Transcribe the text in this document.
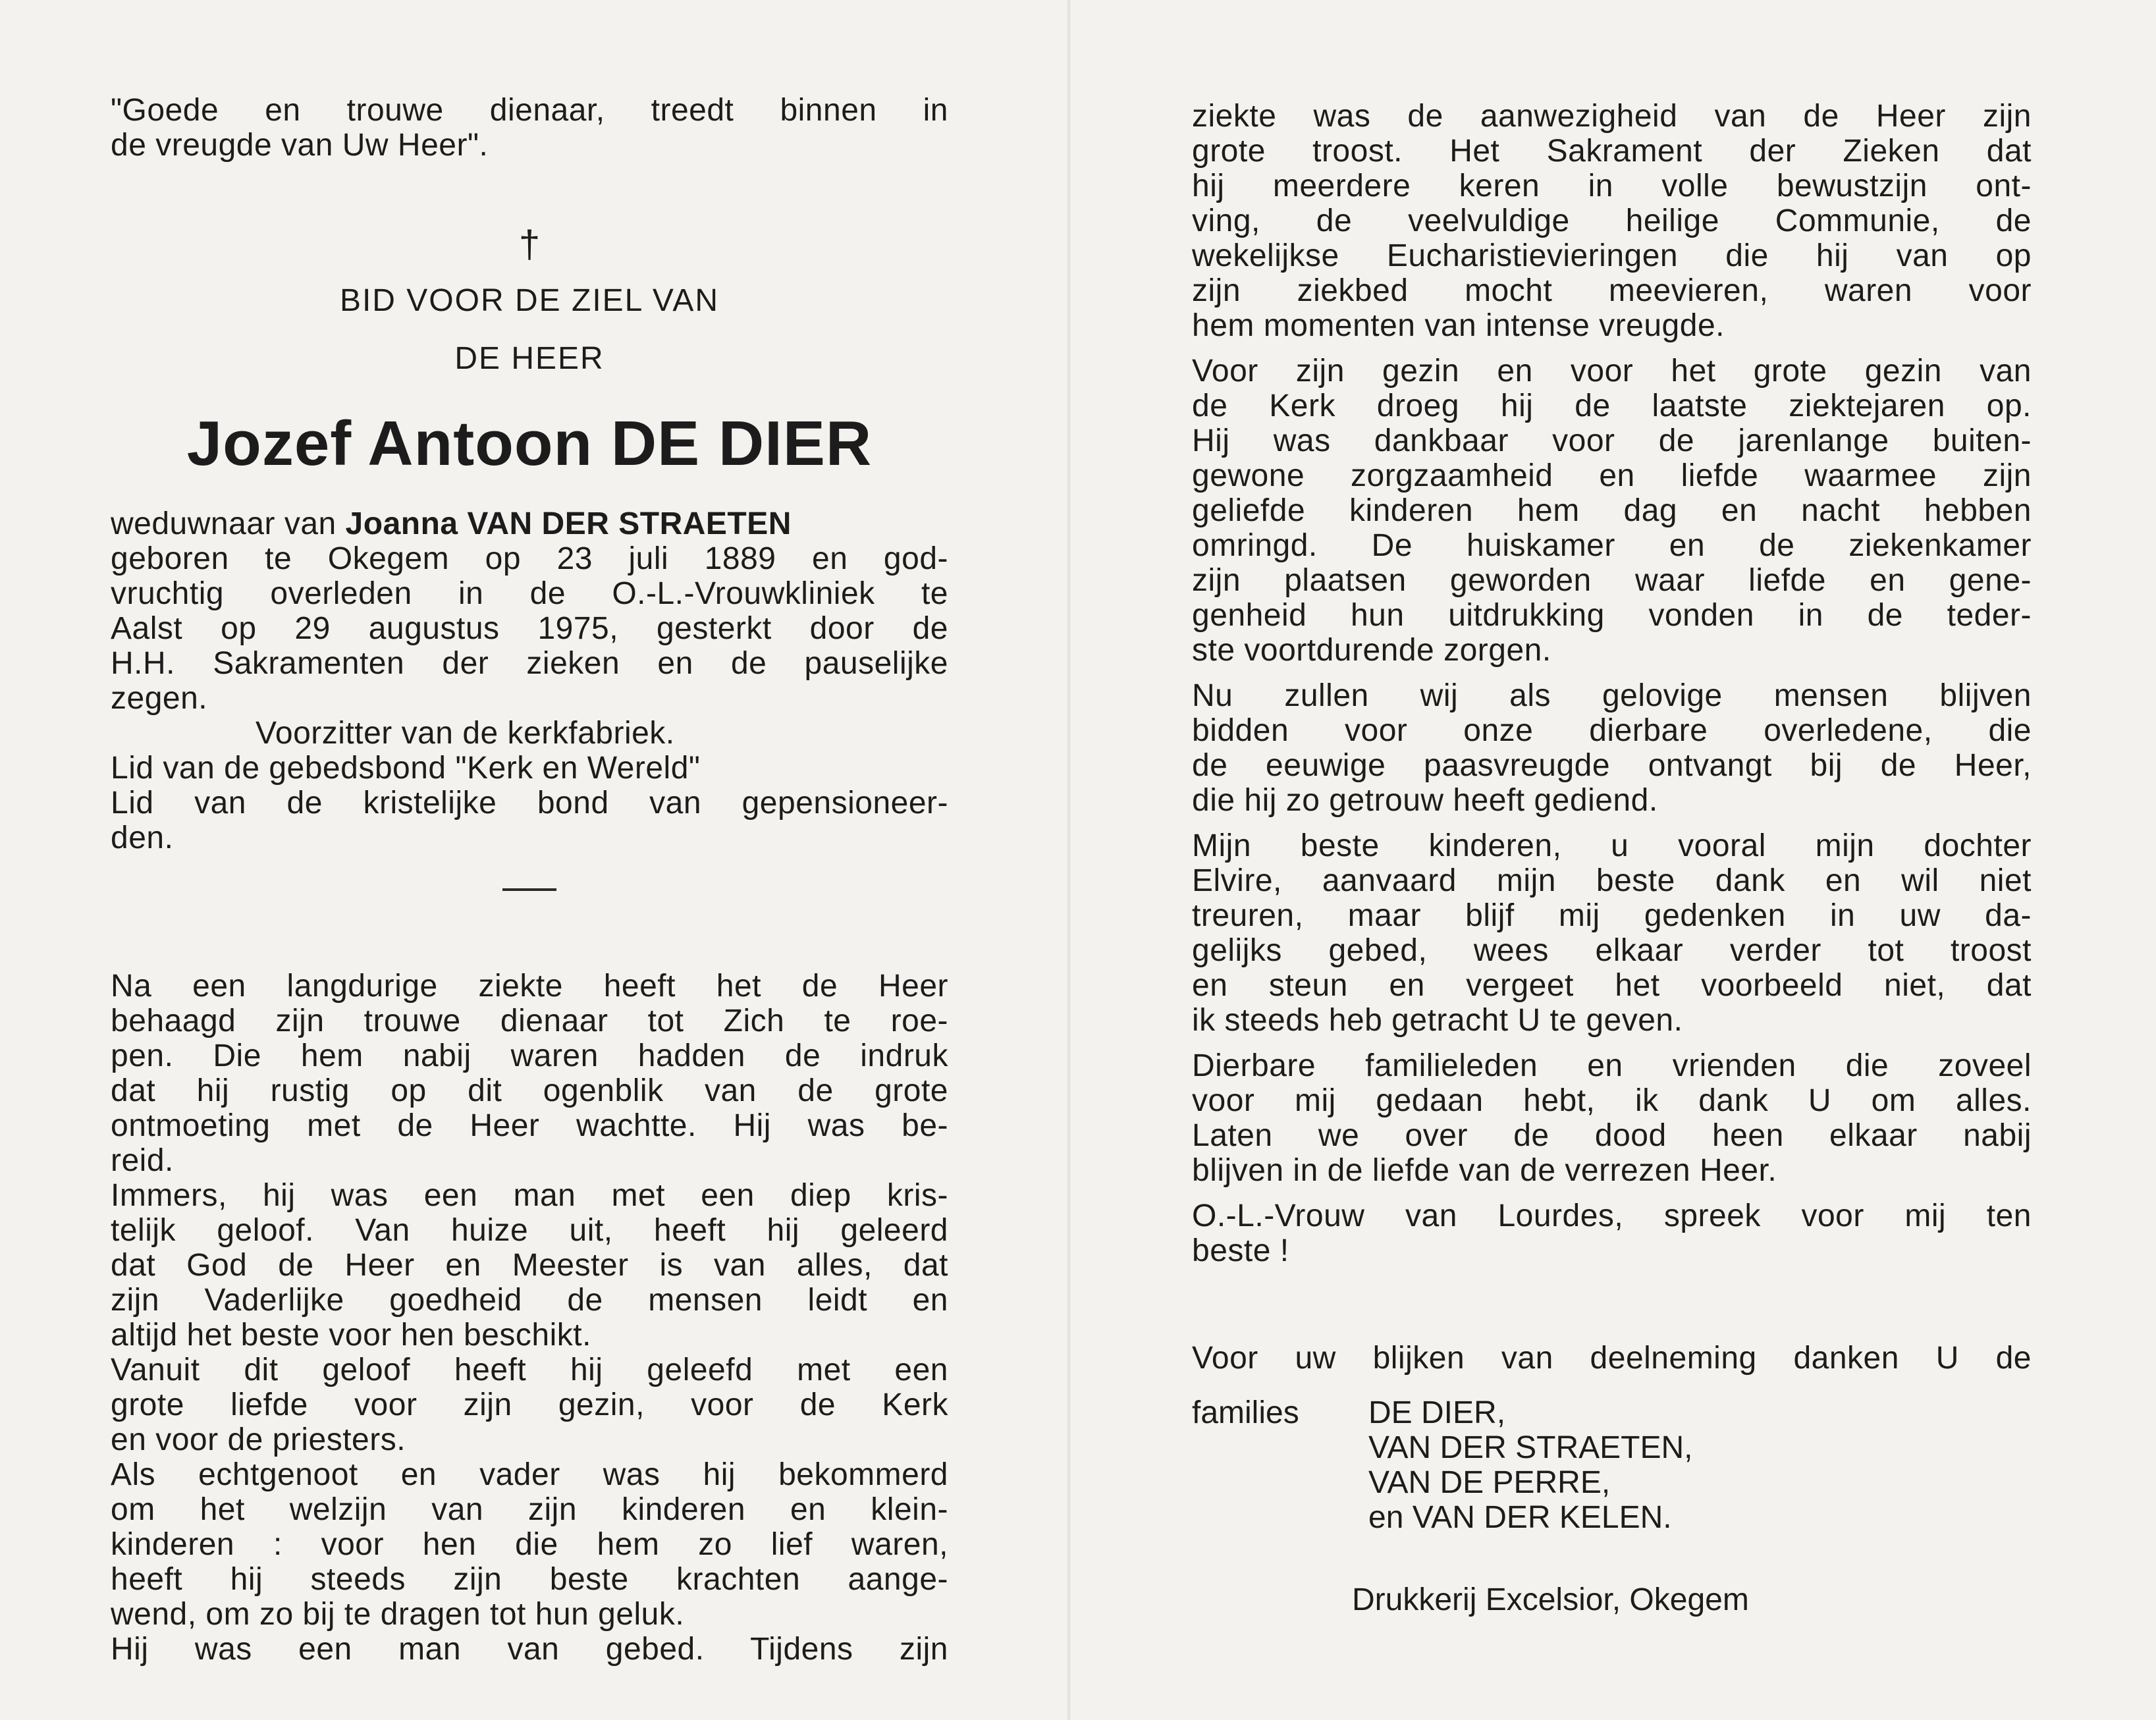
"Goede en trouwe dienaar, treedt binnen in
de vreugde van Uw Heer".
†
BID VOOR DE ZIEL VAN
DE HEER
Jozef Antoon DE DIER
weduwnaar van Joanna VAN DER STRAETEN
geboren te Okegem op 23 juli 1889 en god-
vruchtig overleden in de O.-L.-Vrouwkliniek te
Aalst op 29 augustus 1975, gesterkt door de
H.H. Sakramenten der zieken en de pauselijke
zegen.
Voorzitter van de kerkfabriek.
Lid van de gebedsbond "Kerk en Wereld"
Lid van de kristelijke bond van gepensioneer-
den.
Na een langdurige ziekte heeft het de Heer
behaagd zijn trouwe dienaar tot Zich te roe-
pen. Die hem nabij waren hadden de indruk
dat hij rustig op dit ogenblik van de grote
ontmoeting met de Heer wachtte. Hij was be-
reid.
Immers, hij was een man met een diep kris-
telijk geloof. Van huize uit, heeft hij geleerd
dat God de Heer en Meester is van alles, dat
zijn Vaderlijke goedheid de mensen leidt en
altijd het beste voor hen beschikt.
Vanuit dit geloof heeft hij geleefd met een
grote liefde voor zijn gezin, voor de Kerk
en voor de priesters.
Als echtgenoot en vader was hij bekommerd
om het welzijn van zijn kinderen en klein-
kinderen : voor hen die hem zo lief waren,
heeft hij steeds zijn beste krachten aange-
wend, om zo bij te dragen tot hun geluk.
Hij was een man van gebed. Tijdens zijn
ziekte was de aanwezigheid van de Heer zijn
grote troost. Het Sakrament der Zieken dat
hij meerdere keren in volle bewustzijn ont-
ving, de veelvuldige heilige Communie, de
wekelijkse Eucharistievieringen die hij van op
zijn ziekbed mocht meevieren, waren voor
hem momenten van intense vreugde.
Voor zijn gezin en voor het grote gezin van
de Kerk droeg hij de laatste ziektejaren op.
Hij was dankbaar voor de jarenlange buiten-
gewone zorgzaamheid en liefde waarmee zijn
geliefde kinderen hem dag en nacht hebben
omringd. De huiskamer en de ziekenkamer
zijn plaatsen geworden waar liefde en gene-
genheid hun uitdrukking vonden in de teder-
ste voortdurende zorgen.
Nu zullen wij als gelovige mensen blijven
bidden voor onze dierbare overledene, die
de eeuwige paasvreugde ontvangt bij de Heer,
die hij zo getrouw heeft gediend.
Mijn beste kinderen, u vooral mijn dochter
Elvire, aanvaard mijn beste dank en wil niet
treuren, maar blijf mij gedenken in uw da-
gelijks gebed, wees elkaar verder tot troost
en steun en vergeet het voorbeeld niet, dat
ik steeds heb getracht U te geven.
Dierbare familieleden en vrienden die zoveel
voor mij gedaan hebt, ik dank U om alles.
Laten we over de dood heen elkaar nabij
blijven in de liefde van de verrezen Heer.
O.-L.-Vrouw van Lourdes, spreek voor mij ten
beste !
Voor uw blijken van deelneming danken U de
families DE DIER,
VAN DER STRAETEN,
VAN DE PERRE,
en VAN DER KELEN.
Drukkerij Excelsior, Okegem
